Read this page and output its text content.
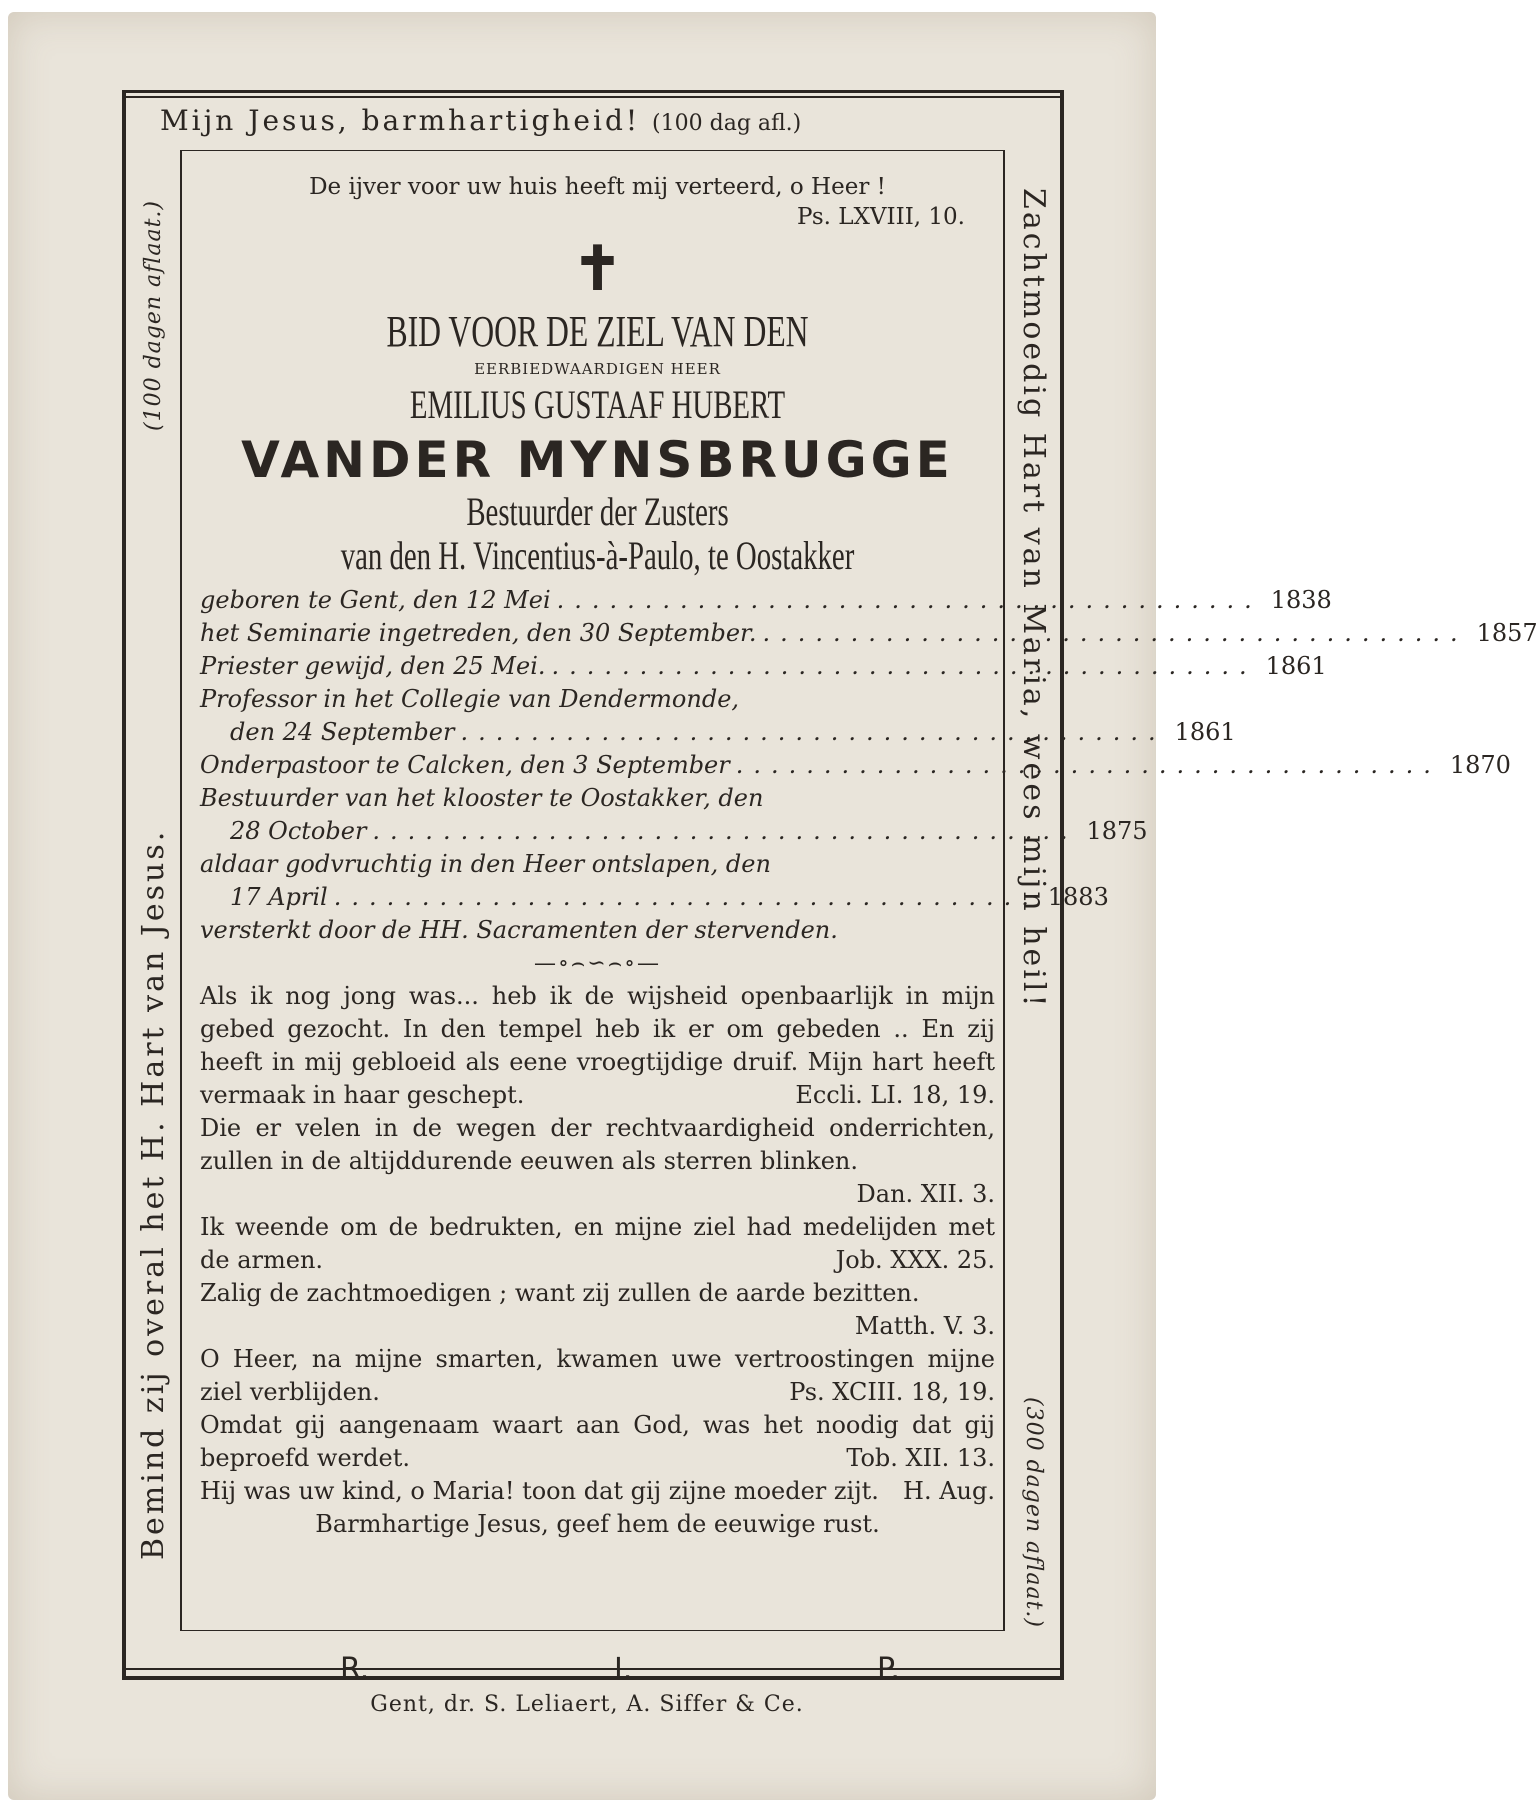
Mijn Jesus, barmhartigheid! (100 dag afl.)
Bemind zij overal het H. Hart van Jesus.
(100 dagen aflaat.)	Zachtmoedig Hart van Maria, wees mijn heil!
(300 dagen aflaat.)
De ijver voor uw huis heeft mij verteerd, o Heer !
Ps. LXVIII, 10.
✝
BID VOOR DE ZIEL VAN DEN
EERBIEDWAARDIGEN HEER
EMILIUS GUSTAAF HUBERT
VANDER MYNSBRUGGE
Bestuurder der Zusters
van den H. Vincentius-à-Paulo, te Oostakker
geboren te Gent, den 12 Mei ........................................ 1838
het Seminarie ingetreden, den 30 September. ........................................ 1857
Priester gewijd, den 25 Mei. ........................................ 1861
Professor in het Collegie van Dendermonde,
den 24 September ........................................ 1861
Onderpastoor te Calcken, den 3 September ........................................ 1870
Bestuurder van het klooster te Oostakker, den
28 October ........................................ 1875
aldaar godvruchtig in den Heer ontslapen, den
17 April ........................................ 1883
versterkt door de HH. Sacramenten der stervenden.
—∘⌢∽⌢∘—
Als ik nog jong was... heb ik de wijsheid openbaarlijk in mijn gebed gezocht. In den tempel heb ik er om gebeden .. En zij heeft in mij gebloeid als eene vroegtijdige druif. Mijn hart heeft vermaak in haar geschept.	Eccli. LI. 18, 19.
Die er velen in de wegen der rechtvaardigheid onderrichten, zullen in de altijddurende eeuwen als sterren blinken.
Dan. XII. 3.
Ik weende om de bedrukten, en mijne ziel had medelijden met de armen.	Job. XXX. 25.
Zalig de zachtmoedigen ; want zij zullen de aarde bezitten.
Matth. V. 3.
O Heer, na mijne smarten, kwamen uwe vertroostingen mijne ziel verblijden.	Ps. XCIII. 18, 19.
Omdat gij aangenaam waart aan God, was het noodig dat gij beproefd werdet.	Tob. XII. 13.
Hij was uw kind, o Maria! toon dat gij zijne moeder zijt. H. Aug.
Barmhartige Jesus, geef hem de eeuwige rust.
R.	I.	P.
Gent, dr. S. Leliaert, A. Siffer & Ce.
